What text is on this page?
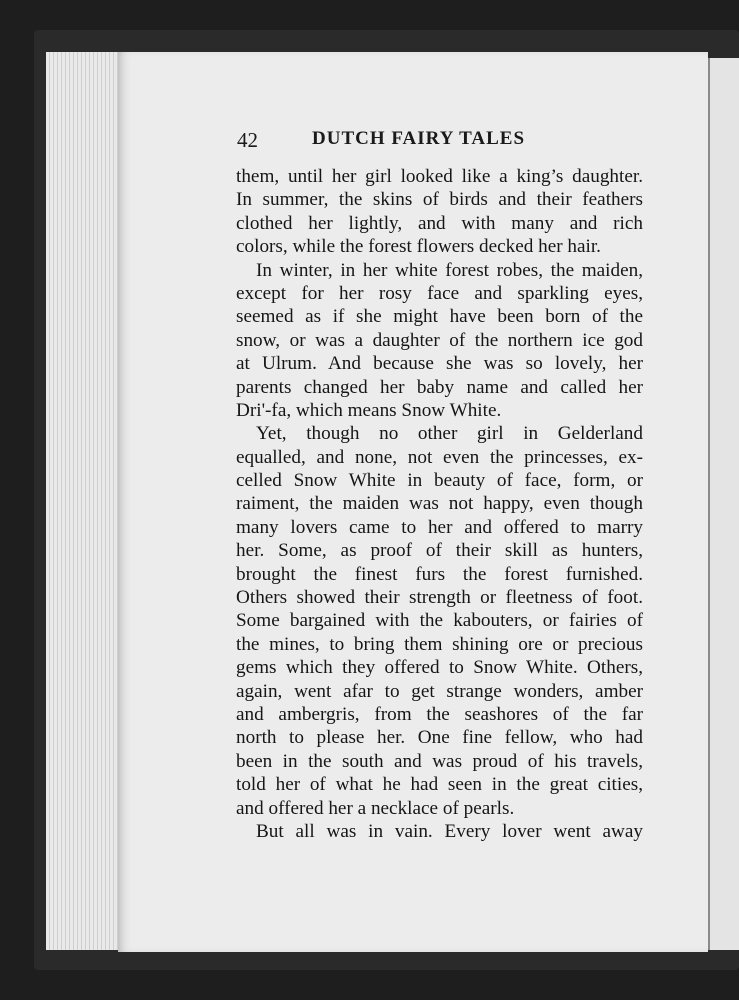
42	DUTCH FAIRY TALES
them, until her girl looked like a king’s daughter.
In summer, the skins of birds and their feathers
clothed her lightly, and with many and rich
colors, while the forest flowers decked her hair.
In winter, in her white forest robes, the maiden,
except for her rosy face and sparkling eyes,
seemed as if she might have been born of the
snow, or was a daughter of the northern ice god
at Ulrum. And because she was so lovely, her
parents changed her baby name and called her
Dri'-fa, which means Snow White.
Yet, though no other girl in Gelderland
equalled, and none, not even the princesses, ex-
celled Snow White in beauty of face, form, or
raiment, the maiden was not happy, even though
many lovers came to her and offered to marry
her. Some, as proof of their skill as hunters,
brought the finest furs the forest furnished.
Others showed their strength or fleetness of foot.
Some bargained with the kabouters, or fairies of
the mines, to bring them shining ore or precious
gems which they offered to Snow White. Others,
again, went afar to get strange wonders, amber
and ambergris, from the seashores of the far
north to please her. One fine fellow, who had
been in the south and was proud of his travels,
told her of what he had seen in the great cities,
and offered her a necklace of pearls.
But all was in vain. Every lover went away
